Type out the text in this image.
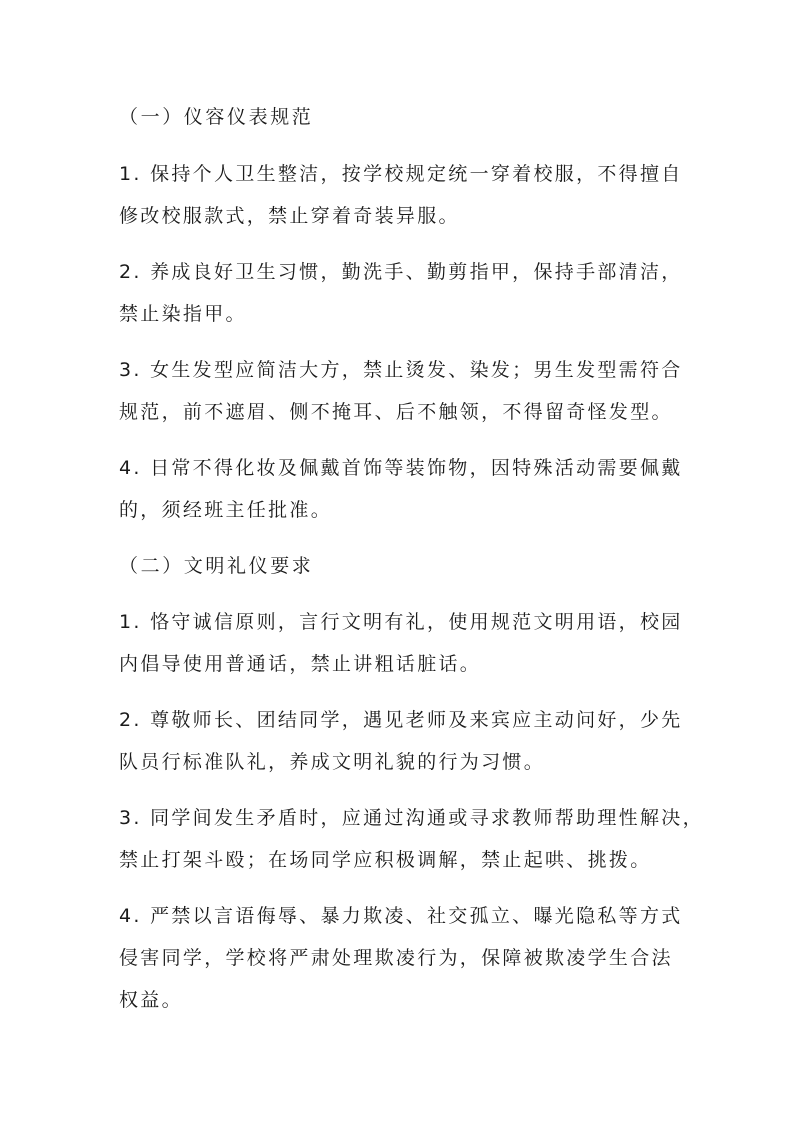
（一）仪容仪表规范
1. 保持个人卫生整洁，按学校规定统一穿着校服，不得擅自
修改校服款式，禁止穿着奇装异服。
2. 养成良好卫生习惯，勤洗手、勤剪指甲，保持手部清洁，
禁止染指甲。
3. 女生发型应简洁大方，禁止烫发、染发；男生发型需符合
规范，前不遮眉、侧不掩耳、后不触领，不得留奇怪发型。
4. 日常不得化妆及佩戴首饰等装饰物，因特殊活动需要佩戴
的，须经班主任批准。
（二）文明礼仪要求
1. 恪守诚信原则，言行文明有礼，使用规范文明用语，校园
内倡导使用普通话，禁止讲粗话脏话。
2. 尊敬师长、团结同学，遇见老师及来宾应主动问好，少先
队员行标准队礼，养成文明礼貌的行为习惯。
3. 同学间发生矛盾时，应通过沟通或寻求教师帮助理性解决，
禁止打架斗殴；在场同学应积极调解，禁止起哄、挑拨。
4. 严禁以言语侮辱、暴力欺凌、社交孤立、曝光隐私等方式
侵害同学，学校将严肃处理欺凌行为，保障被欺凌学生合法
权益。
